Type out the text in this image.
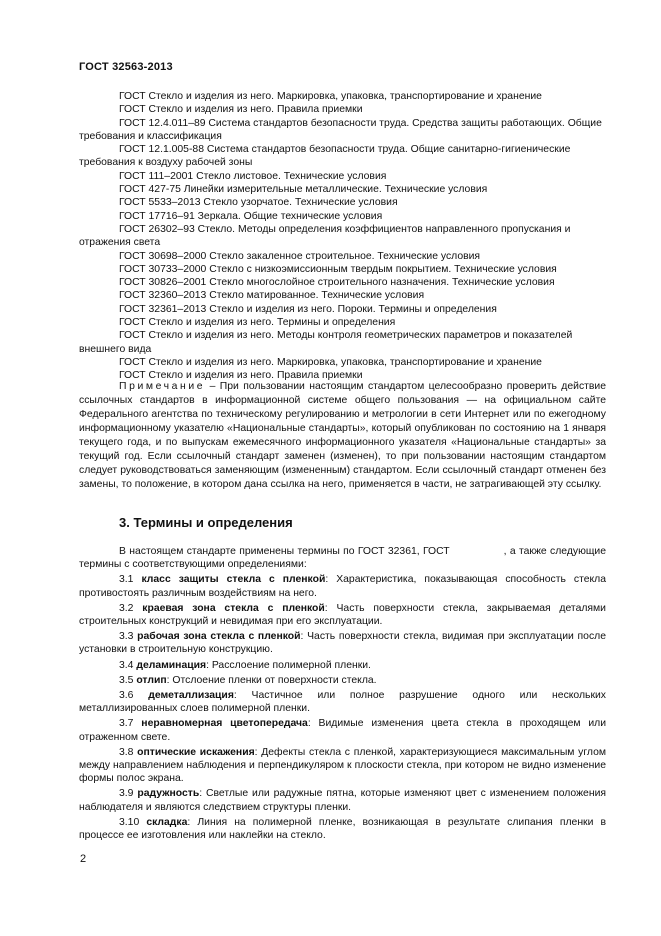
ГОСТ 32563-2013

ГОСТ Стекло и изделия из него. Маркировка, упаковка, транспортирование и хранение

ГОСТ Стекло и изделия из него. Правила приемки

ГОСТ 12.4.011–89 Система стандартов безопасности труда. Средства защиты работающих. Общие требования и классификация

ГОСТ 12.1.005-88 Система стандартов безопасности труда. Общие санитарно-гигиенические требования к воздуху рабочей зоны

ГОСТ 111–2001 Стекло листовое. Технические условия

ГОСТ 427-75 Линейки измерительные металлические. Технические условия

ГОСТ 5533–2013 Стекло узорчатое. Технические условия

ГОСТ 17716–91 Зеркала. Общие технические условия

ГОСТ 26302–93 Стекло. Методы определения коэффициентов направленного пропускания и отражения света

ГОСТ 30698–2000 Стекло закаленное строительное. Технические условия

ГОСТ 30733–2000 Стекло с низкоэмиссионным твердым покрытием. Технические условия

ГОСТ 30826–2001 Стекло многослойное строительного назначения. Технические условия

ГОСТ 32360–2013 Стекло матированное. Технические условия

ГОСТ 32361–2013 Стекло и изделия из него. Пороки. Термины и определения

ГОСТ Стекло и изделия из него. Термины и определения

ГОСТ Стекло и изделия из него. Методы контроля геометрических параметров и показателей внешнего вида

ГОСТ Стекло и изделия из него. Маркировка, упаковка, транспортирование и хранение

ГОСТ Стекло и изделия из него. Правила приемки

Примечание – При пользовании настоящим стандартом целесообразно проверить действие ссылочных стандартов в информационной системе общего пользования — на официальном сайте Федерального агентства по техническому регулированию и метрологии в сети Интернет или по ежегодному информационному указателю «Национальные стандарты», который опубликован по состоянию на 1 января текущего года, и по выпускам ежемесячного информационного указателя «Национальные стандарты» за текущий год. Если ссылочный стандарт заменен (изменен), то при пользовании настоящим стандартом следует руководствоваться заменяющим (измененным) стандартом. Если ссылочный стандарт отменен без замены, то положение, в котором дана ссылка на него, применяется в части, не затрагивающей эту ссылку.

3. Термины и определения

В настоящем стандарте применены термины по ГОСТ 32361, ГОСТ	, а также следующие термины с соответствующими определениями:

3.1 класс защиты стекла с пленкой: Характеристика, показывающая способность стекла противостоять различным воздействиям на него.

3.2 краевая зона стекла с пленкой: Часть поверхности стекла, закрываемая деталями строительных конструкций и невидимая при его эксплуатации.

3.3 рабочая зона стекла с пленкой: Часть поверхности стекла, видимая при эксплуатации после установки в строительную конструкцию.

3.4 деламинация: Расслоение полимерной пленки.

3.5 отлип: Отслоение пленки от поверхности стекла.

3.6 деметаллизация: Частичное или полное разрушение одного или нескольких металлизированных слоев полимерной пленки.

3.7 неравномерная цветопередача: Видимые изменения цвета стекла в проходящем или отраженном свете.

3.8 оптические искажения: Дефекты стекла с пленкой, характеризующиеся максимальным углом между направлением наблюдения и перпендикуляром к плоскости стекла, при котором не видно изменение формы полос экрана.

3.9 радужность: Светлые или радужные пятна, которые изменяют цвет с изменением положения наблюдателя и являются следствием структуры пленки.

3.10 складка: Линия на полимерной пленке, возникающая в результате слипания пленки в процессе ее изготовления или наклейки на стекло.

2
